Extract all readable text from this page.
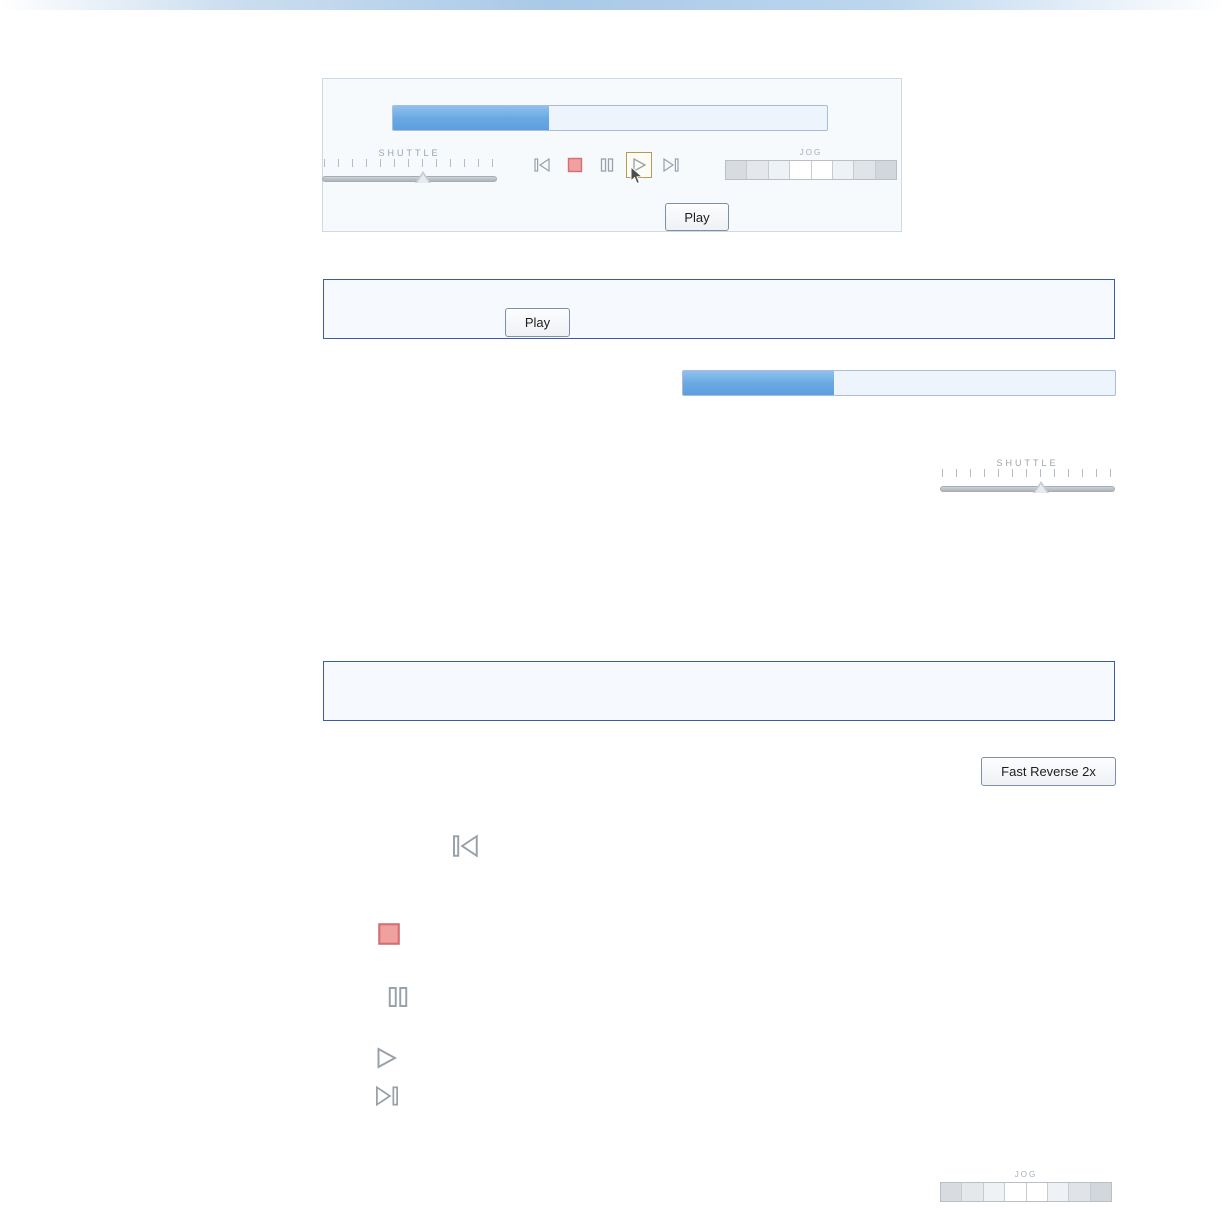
SHUTTLE	JOG
Play
Play
SHUTTLE
Fast Reverse 2x
JOG
